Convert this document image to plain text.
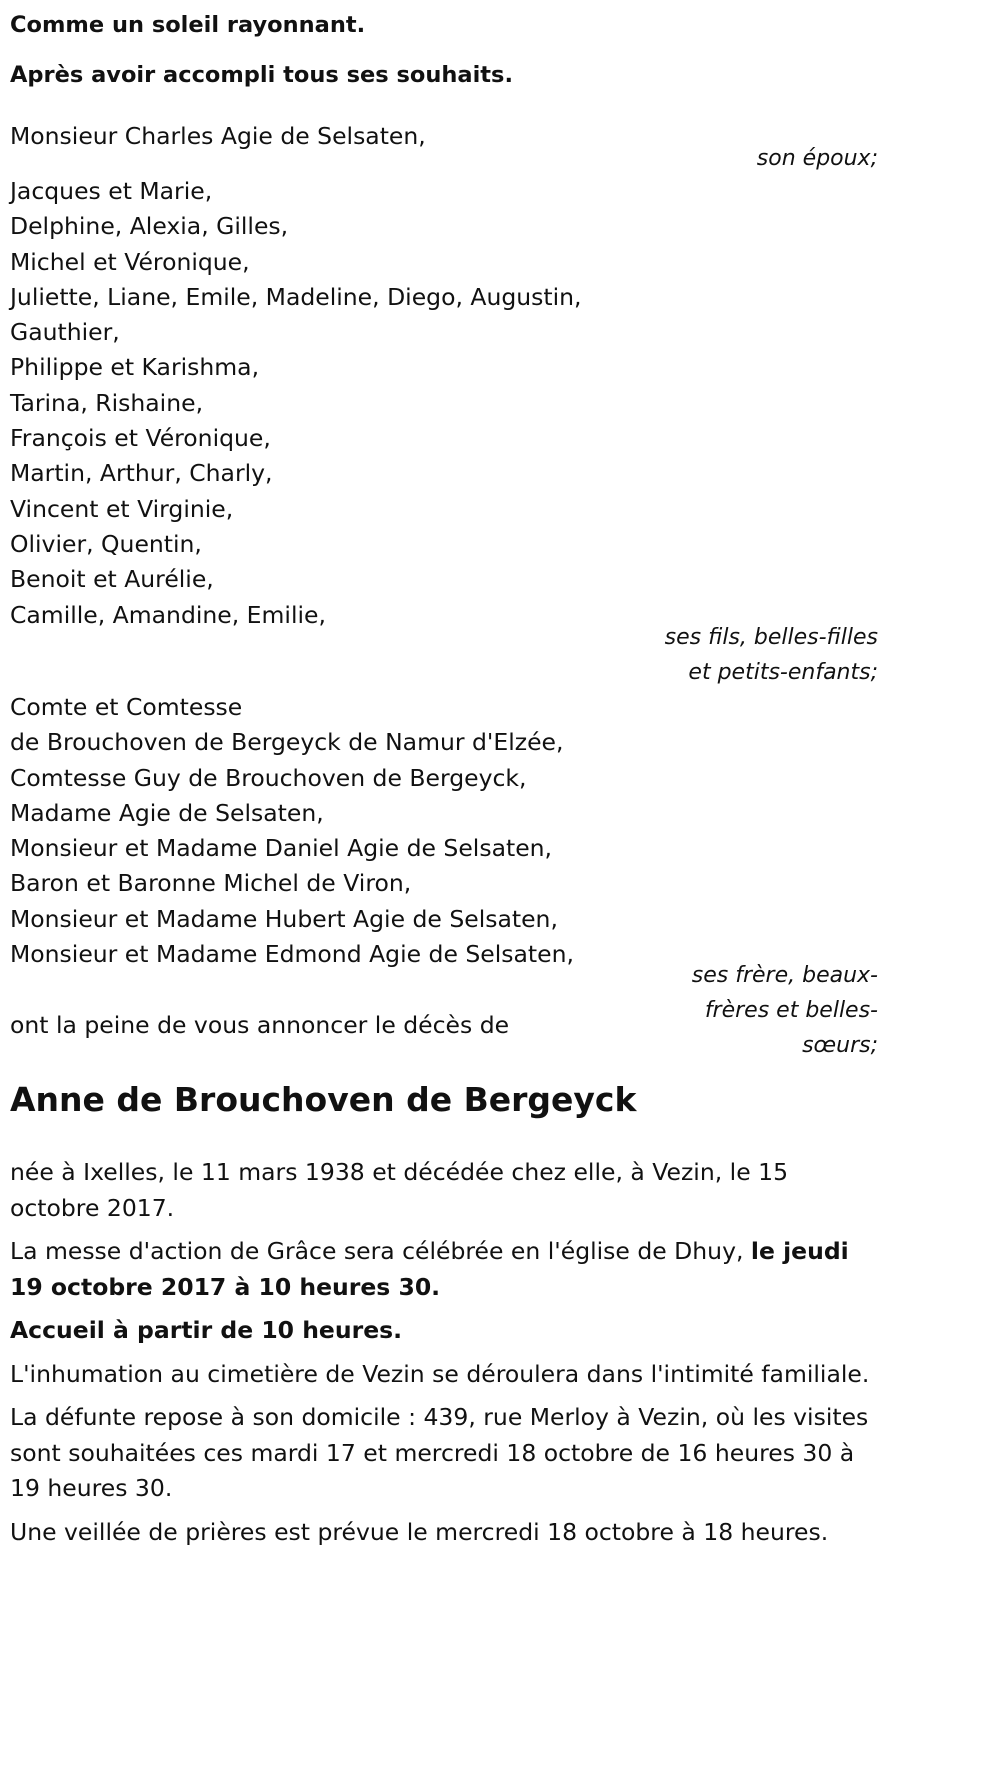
Comme un soleil rayonnant.

Après avoir accompli tous ses souhaits.

Monsieur Charles Agie de Selsaten,
son époux;
Jacques et Marie,
Delphine, Alexia, Gilles,
Michel et Véronique,
Juliette, Liane, Emile, Madeline, Diego, Augustin,
Gauthier,
Philippe et Karishma,
Tarina, Rishaine,
François et Véronique,
Martin, Arthur, Charly,
Vincent et Virginie,
Olivier, Quentin,
Benoit et Aurélie,
Camille, Amandine, Emilie,
ses fils, belles-filles
et petits-enfants;
Comte et Comtesse
de Brouchoven de Bergeyck de Namur d'Elzée,
Comtesse Guy de Brouchoven de Bergeyck,
Madame Agie de Selsaten,
Monsieur et Madame Daniel Agie de Selsaten,
Baron et Baronne Michel de Viron,
Monsieur et Madame Hubert Agie de Selsaten,
Monsieur et Madame Edmond Agie de Selsaten,
ses frère, beaux-
frères et belles-
sœurs;
ont la peine de vous annoncer le décès de
Anne de Brouchoven de Bergeyck

née à Ixelles, le 11 mars 1938 et décédée chez elle, à Vezin, le 15 octobre 2017.

La messe d'action de Grâce sera célébrée en l'église de Dhuy, le jeudi 19 octobre 2017 à 10 heures 30.

Accueil à partir de 10 heures.

L'inhumation au cimetière de Vezin se déroulera dans l'intimité familiale.

La défunte repose à son domicile : 439, rue Merloy à Vezin, où les visites sont souhaitées ces mardi 17 et mercredi 18 octobre de 16 heures 30 à 19 heures 30.

Une veillée de prières est prévue le mercredi 18 octobre à 18 heures.
